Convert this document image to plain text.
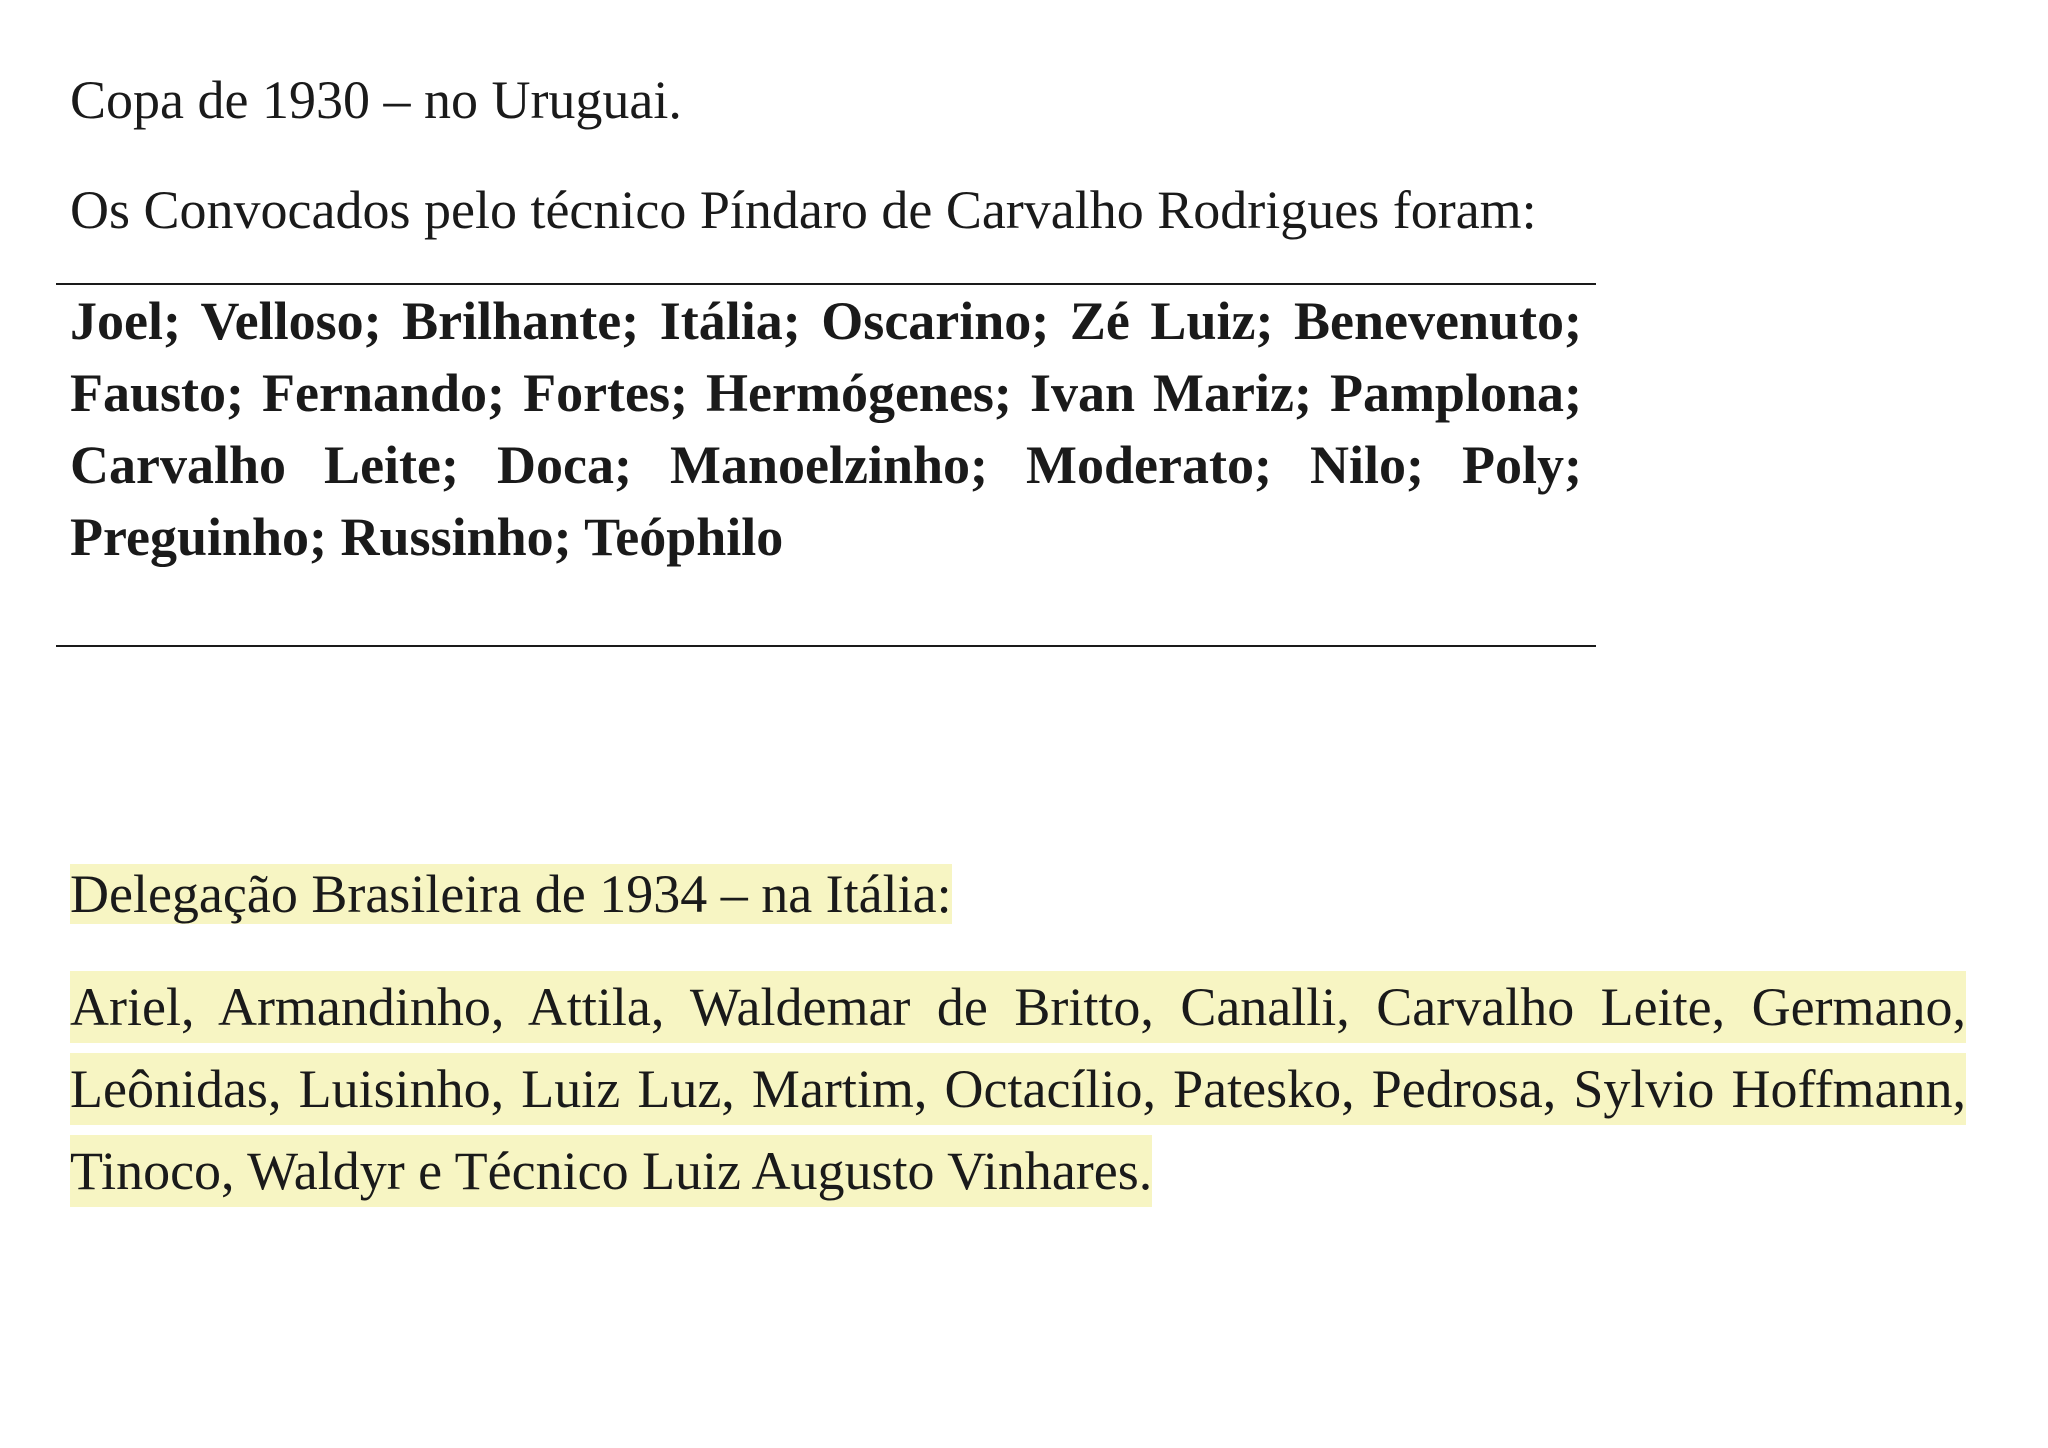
Copa de 1930 – no Uruguai.

Os Convocados pelo técnico Píndaro de Carvalho Rodrigues foram:

Joel; Velloso; Brilhante; Itália; Oscarino; Zé Luiz; Benevenuto; Fausto; Fernando; Fortes; Hermógenes; Ivan Mariz; Pamplona; Carvalho Leite; Doca; Manoelzinho; Moderato; Nilo; Poly; Preguinho; Russinho; Teóphilo

Delegação Brasileira de 1934 – na Itália:

Ariel, Armandinho, Attila, Waldemar de Britto, Canalli, Carvalho Leite, Germano, Leônidas, Luisinho, Luiz Luz, Martim, Octacílio, Patesko, Pedrosa, Sylvio Hoffmann, Tinoco, Waldyr e Técnico Luiz Augusto Vinhares.
